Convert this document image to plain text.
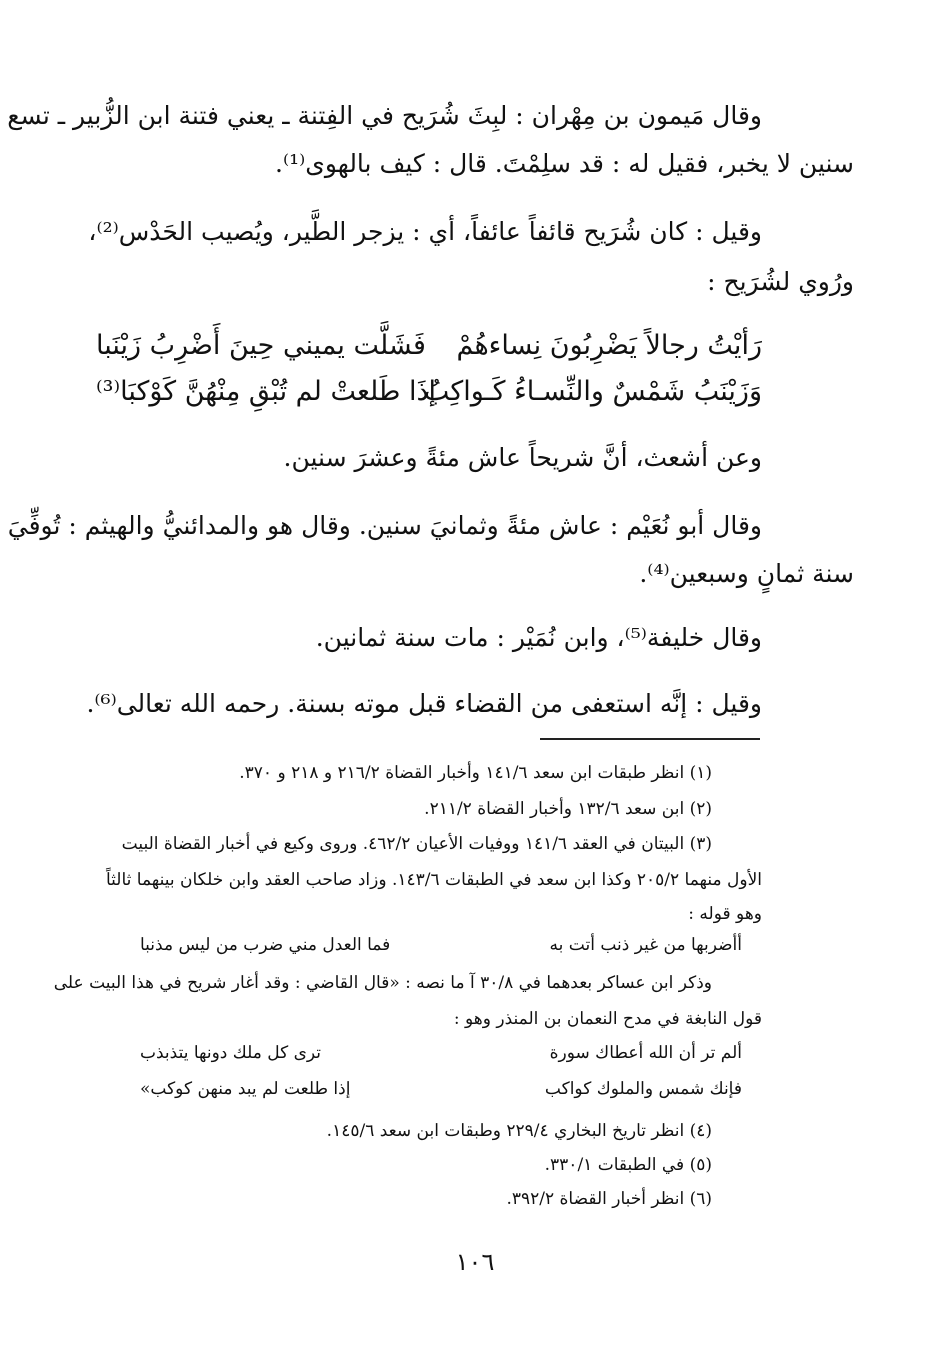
وقال مَيمون بن مِهْران : لبِثَ شُرَيح في الفِتنة ـ يعني فتنة ابن الزُّبير ـ تسع
سنين لا يخبر، فقيل له : قد سلِمْتَ. قال : كيف بالهوى⁽¹⁾.
وقيل : كان شُرَيح قائفاً عائفاً، أي : يزجر الطَّير، ويُصيب الحَدْس⁽²⁾،
ورُوي لشُرَيح :
رَأيْتُ رجالاً يَضْرِبُونَ نِساءهُمْ
فَشَلَّت يميني حِينَ أَضْرِبُ زَيْنَبا
وَزَيْنَبُ شَمْسٌ والنِّسـاءُ كَـواكِبُ
إذَا طَلعتْ لم تُبْقِ مِنْهُنَّ كَوْكبَا⁽³⁾
وعن أشعث، أنَّ شريحاً عاش مئةً وعشرَ سنين.
وقال أبو نُعَيْم : عاش مئةً وثمانيَ سنين. وقال هو والمدائنيُّ والهيثم : تُوفِّيَ
سنة ثمانٍ وسبعين⁽⁴⁾.
وقال خليفة⁽⁵⁾، وابن نُمَيْر : مات سنة ثمانين.
وقيل : إنَّه استعفى من القضاء قبل موته بسنة. رحمه الله تعالى⁽⁶⁾.
(١) انظر طبقات ابن سعد ١٤١/٦ وأخبار القضاة ٢١٦/٢ و ٢١٨ و ٣٧٠.
(٢) ابن سعد ١٣٢/٦ وأخبار القضاة ٢١١/٢.
(٣) البيتان في العقد ١٤١/٦ ووفيات الأعيان ٤٦٢/٢. وروى وكيع في أخبار القضاة البيت
الأول منهما ٢٠٥/٢ وكذا ابن سعد في الطبقات ١٤٣/٦. وزاد صاحب العقد وابن خلكان بينهما ثالثاً
وهو قوله :
أأضربها من غير ذنب أتت به
فما العدل مني ضرب من ليس مذنبا
وذكر ابن عساكر بعدهما في ٣٠/٨ آ ما نصه : «قال القاضي : وقد أغار شريح في هذا البيت على
قول النابغة في مدح النعمان بن المنذر وهو :
ألم تر أن الله أعطاك سورة
ترى كل ملك دونها يتذبذب
فإنك شمس والملوك كواكب
إذا طلعت لم يبد منهن كوكب»
(٤) انظر تاريخ البخاري ٢٢٩/٤ وطبقات ابن سعد ١٤٥/٦.
(٥) في الطبقات ٣٣٠/١.
(٦) انظر أخبار القضاة ٣٩٢/٢.
١٠٦
